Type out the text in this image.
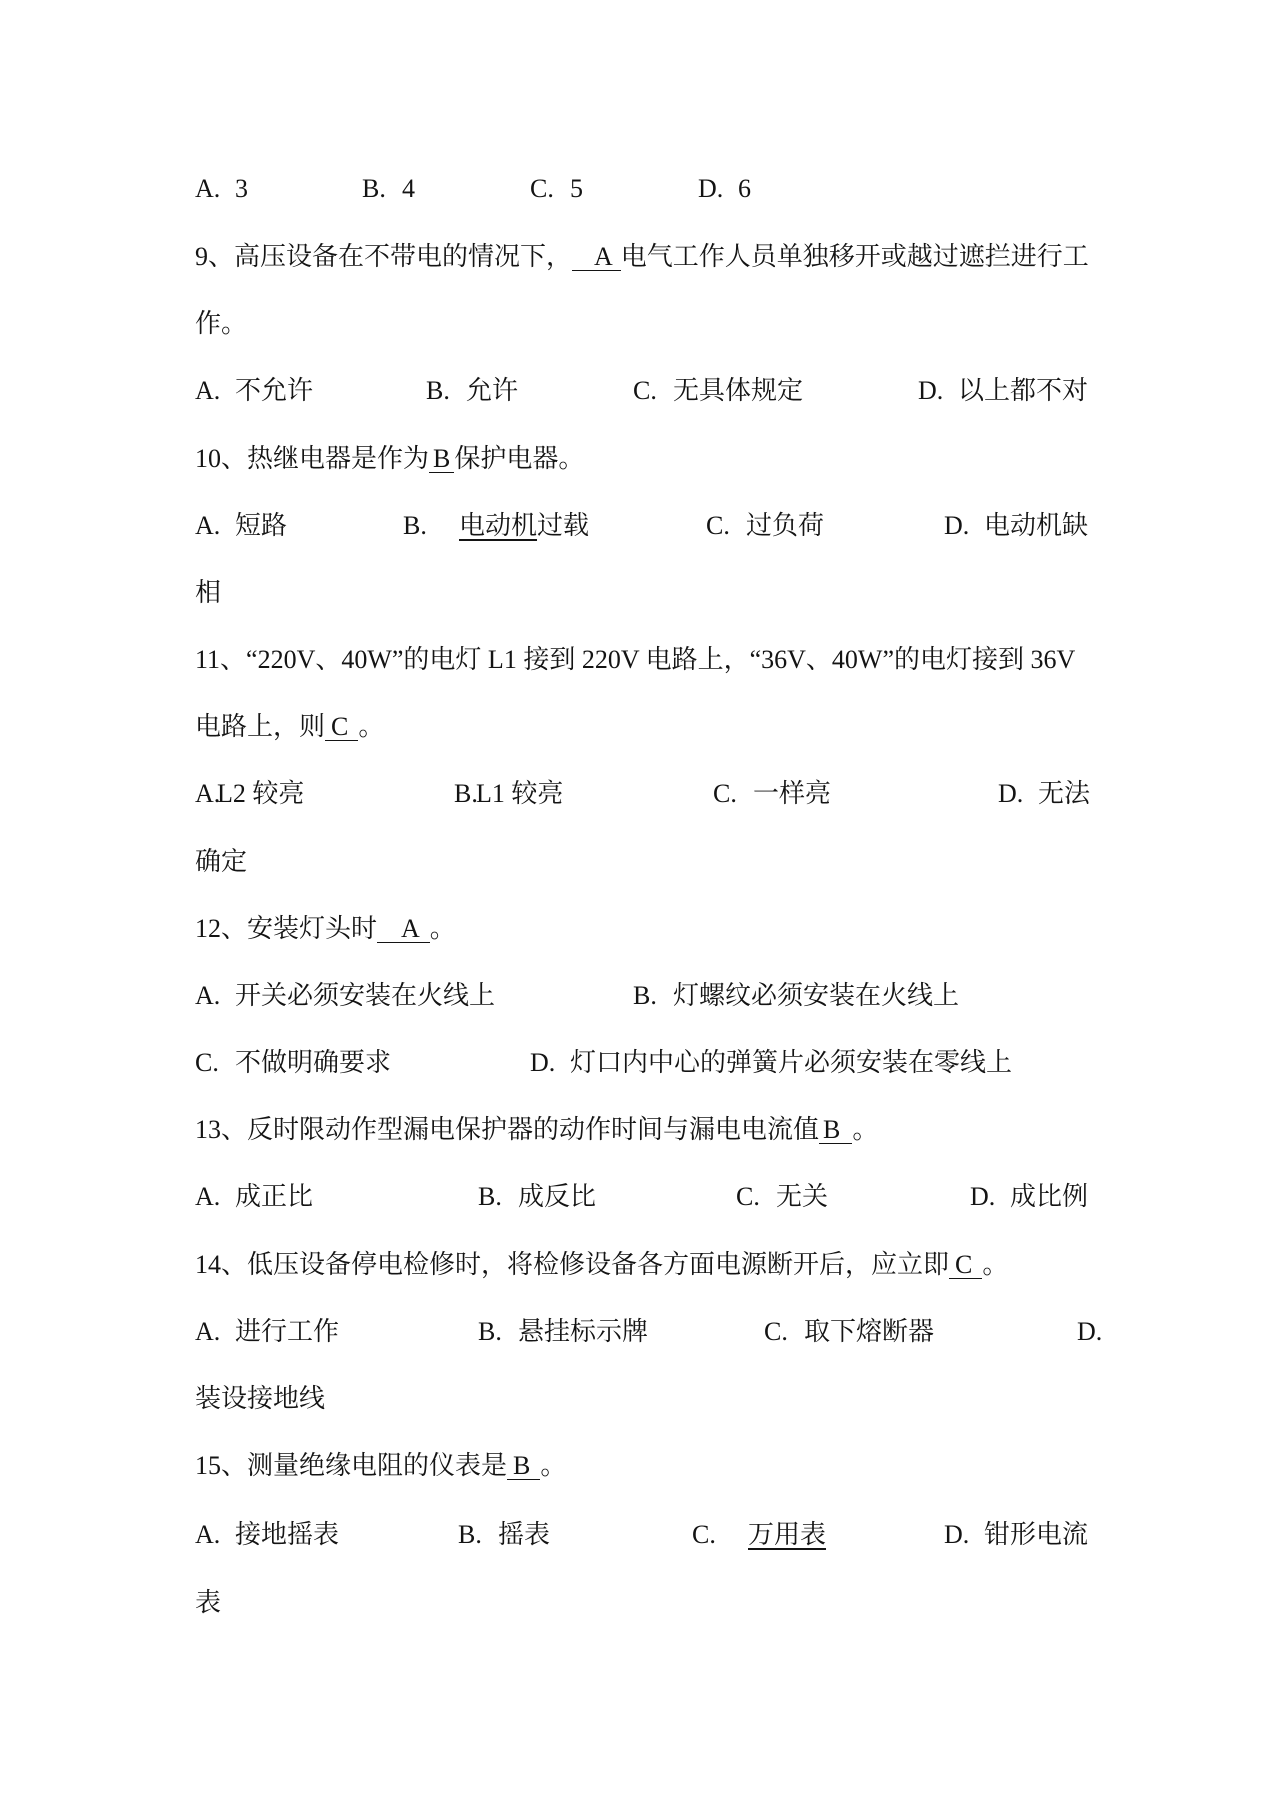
A. 3	B. 4	C. 5	D. 6
9、高压设备在不带电的情况下， A 电气工作人员单独移开或越过遮拦进行工
作。
A. 不允许	B. 允许	C. 无具体规定	D. 以上都不对
10、热继电器是作为 B 保护电器。
A. 短路	B. 电动机过载	C. 过负荷	D. 电动机缺
相
11、“220V、40W”的电灯 L1 接到 220V 电路上，“36V、40W”的电灯接到 36V
电路上，则 C 。
A.L2 较亮	B.L1 较亮	C. 一样亮	D. 无法
确定
12、安装灯头时 A 。
A. 开关必须安装在火线上	B. 灯螺纹必须安装在火线上
C. 不做明确要求	D. 灯口内中心的弹簧片必须安装在零线上
13、反时限动作型漏电保护器的动作时间与漏电电流值 B 。
A. 成正比	B. 成反比	C. 无关	D. 成比例
14、低压设备停电检修时，将检修设备各方面电源断开后，应立即 C 。
A. 进行工作	B. 悬挂标示牌	C. 取下熔断器	D.
装设接地线
15、测量绝缘电阻的仪表是 B 。
A. 接地摇表	B. 摇表	C. 万用表	D. 钳形电流
表
